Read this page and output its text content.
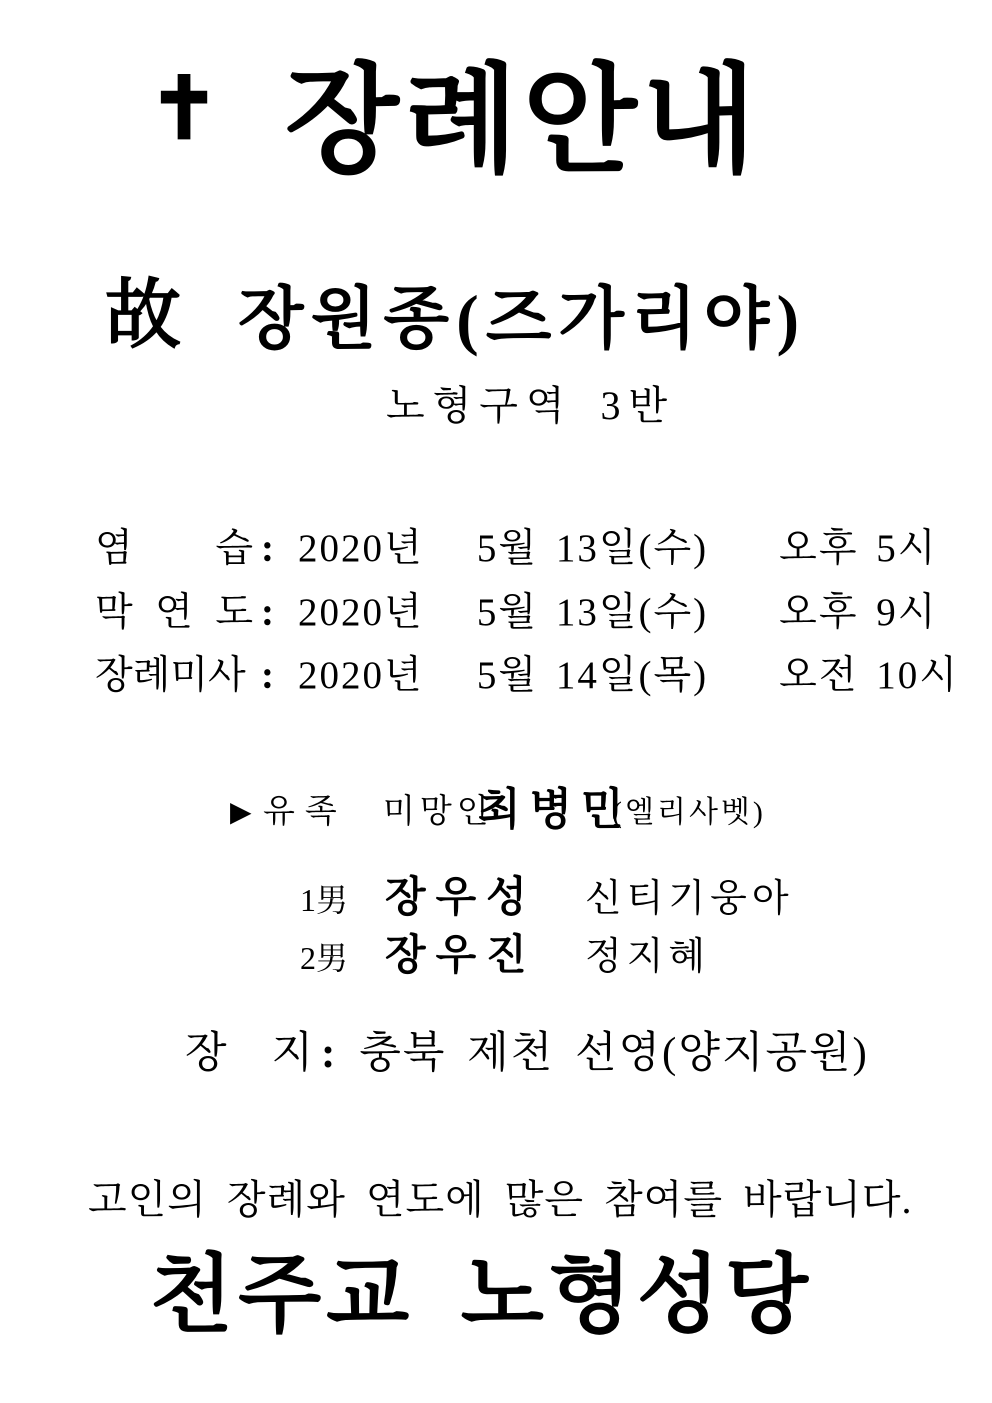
✝ 장례안내
故 장원종(즈가리야)
노형구역 3반
염 습 : 2020년   5월 13일(수)    오후 5시
막 연 도 : 2020년   5월 13일(수)    오후 9시
장례미사 : 2020년   5월 14일(목)    오전 10시
▶ 유족 미망인
최병민
(엘리사벳)
1男 장우성	신티기웅아
2男 장우진	정지혜
장 지 : 충북 제천 선영(양지공원)
고인의 장례와 연도에 많은 참여를 바랍니다.
천주교 노형성당
